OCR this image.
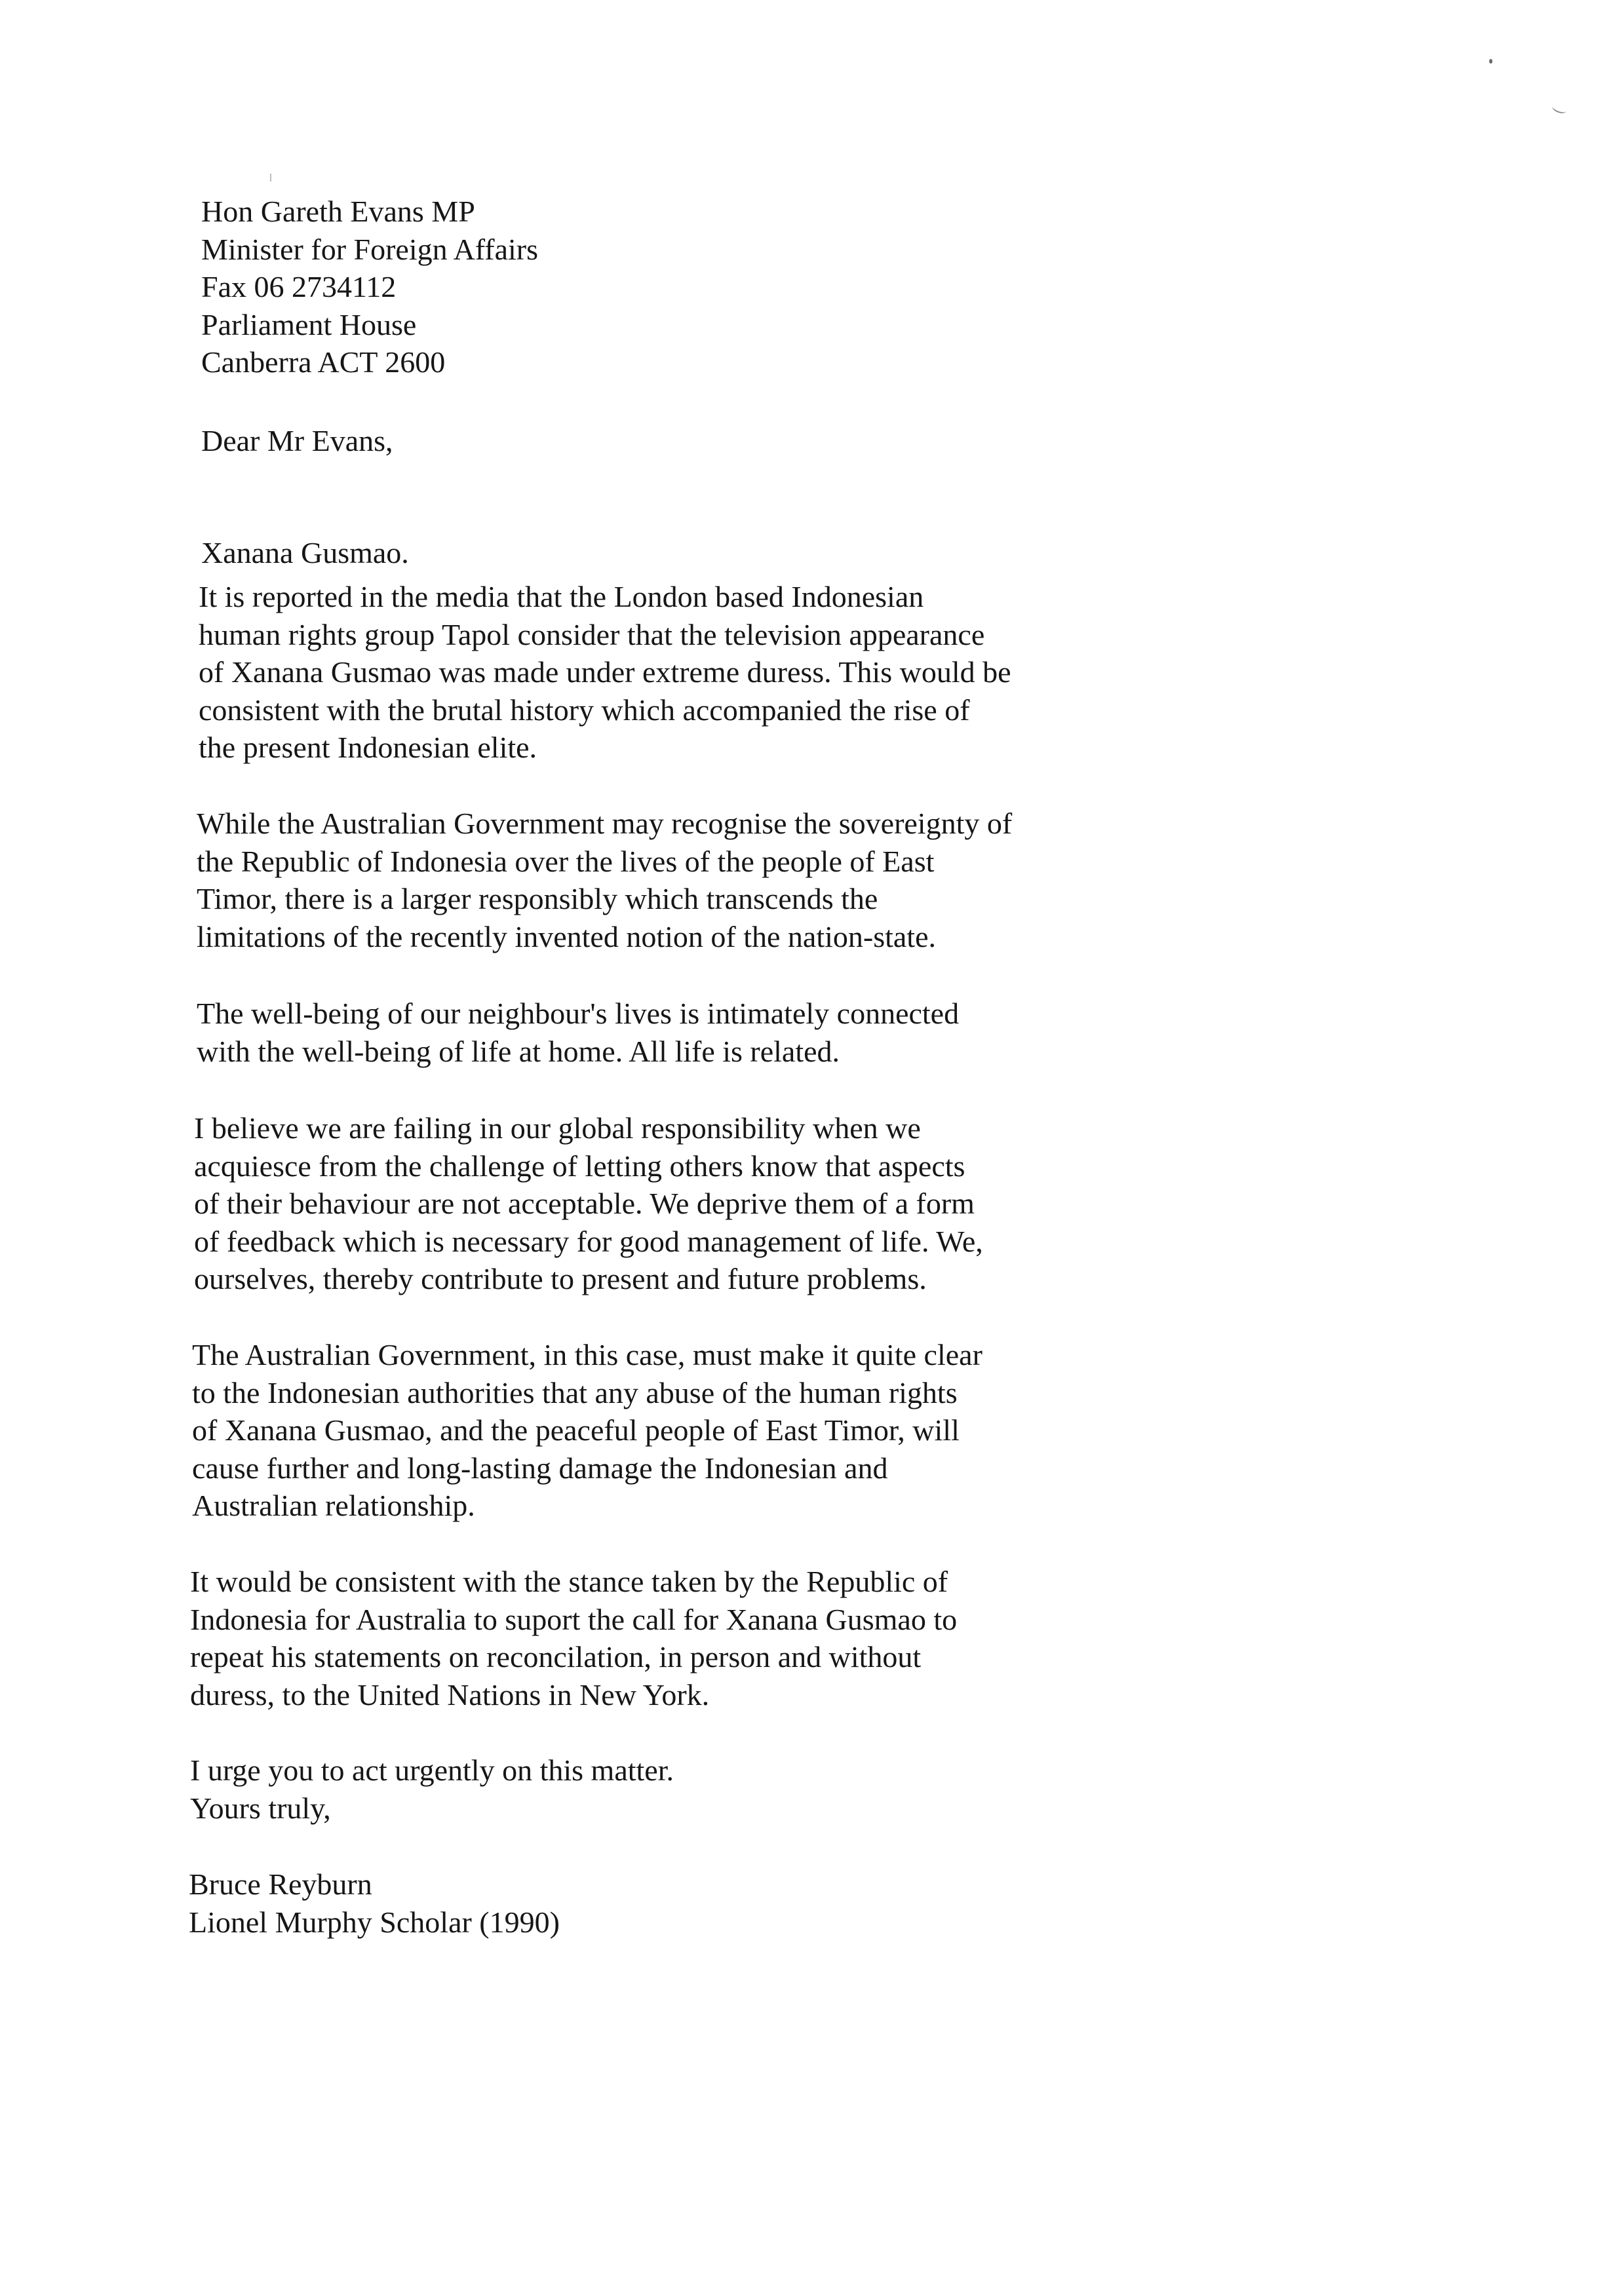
Hon Gareth Evans MP
Minister for Foreign Affairs
Fax 06 2734112
Parliament House
Canberra ACT 2600
Dear Mr Evans,
Xanana Gusmao.
It is reported in the media that the London based Indonesian
human rights group Tapol consider that the television appearance
of Xanana Gusmao was made under extreme duress. This would be
consistent with the brutal history which accompanied the rise of
the present Indonesian elite.
While the Australian Government may recognise the sovereignty of
the Republic of Indonesia over the lives of the people of East
Timor, there is a larger responsibly which transcends the
limitations of the recently invented notion of the nation-state.
The well-being of our neighbour's lives is intimately connected
with the well-being of life at home. All life is related.
I believe we are failing in our global responsibility when we
acquiesce from the challenge of letting others know that aspects
of their behaviour are not acceptable. We deprive them of a form
of feedback which is necessary for good management of life. We,
ourselves, thereby contribute to present and future problems.
The Australian Government, in this case, must make it quite clear
to the Indonesian authorities that any abuse of the human rights
of Xanana Gusmao, and the peaceful people of East Timor, will
cause further and long-lasting damage the Indonesian and
Australian relationship.
It would be consistent with the stance taken by the Republic of
Indonesia for Australia to suport the call for Xanana Gusmao to
repeat his statements on reconcilation, in person and without
duress, to the United Nations in New York.
I urge you to act urgently on this matter.
Yours truly,
Bruce Reyburn
Lionel Murphy Scholar (1990)
